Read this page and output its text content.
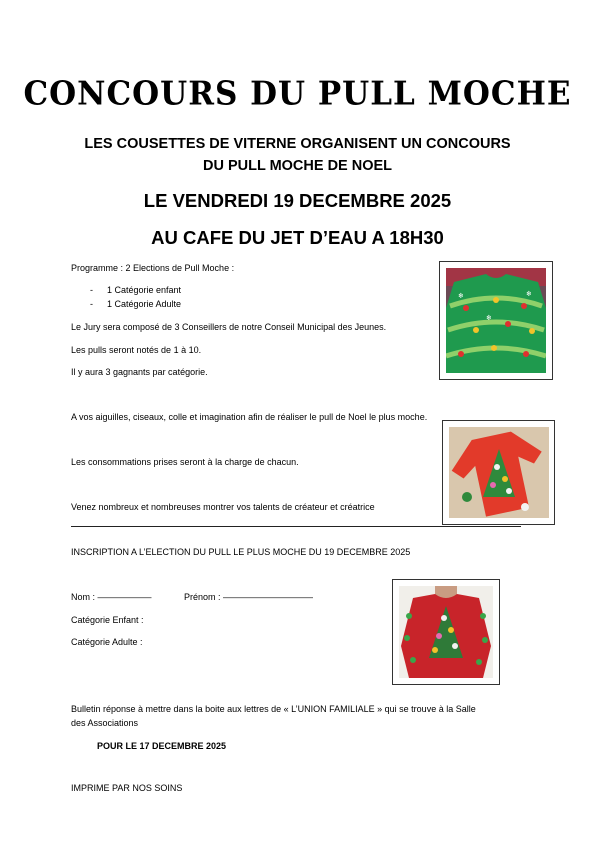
CONCOURS DU PULL MOCHE
LES COUSETTES DE VITERNE ORGANISENT UN CONCOURS
DU PULL MOCHE DE NOEL
LE VENDREDI 19 DECEMBRE 2025
AU CAFE DU JET D’EAU A 18H30
Programme : 2 Elections de Pull Moche :
- 1 Catégorie enfant
- 1 Catégorie Adulte
Le Jury sera composé de 3 Conseillers de notre Conseil Municipal des Jeunes.
Les pulls seront notés de 1 à 10.
Il y aura 3 gagnants par catégorie.
A vos aiguilles, ciseaux, colle et imagination afin de réaliser le pull de Noel le plus moche.
Les consommations prises seront à la charge de chacun.
Venez nombreux et nombreuses montrer vos talents de créateur et créatrice
INSCRIPTION A L’ELECTION DU PULL LE PLUS MOCHE DU 19 DECEMBRE 2025
Nom : ——————	Prénom : ——————————
Catégorie Enfant :
Catégorie Adulte :
Bulletin réponse à mettre dans la boite aux lettres de « L’UNION FAMILIALE » qui se trouve à la Salle
des Associations
POUR LE 17 DECEMBRE 2025
IMPRIME PAR NOS SOINS
❄	❄
❄
